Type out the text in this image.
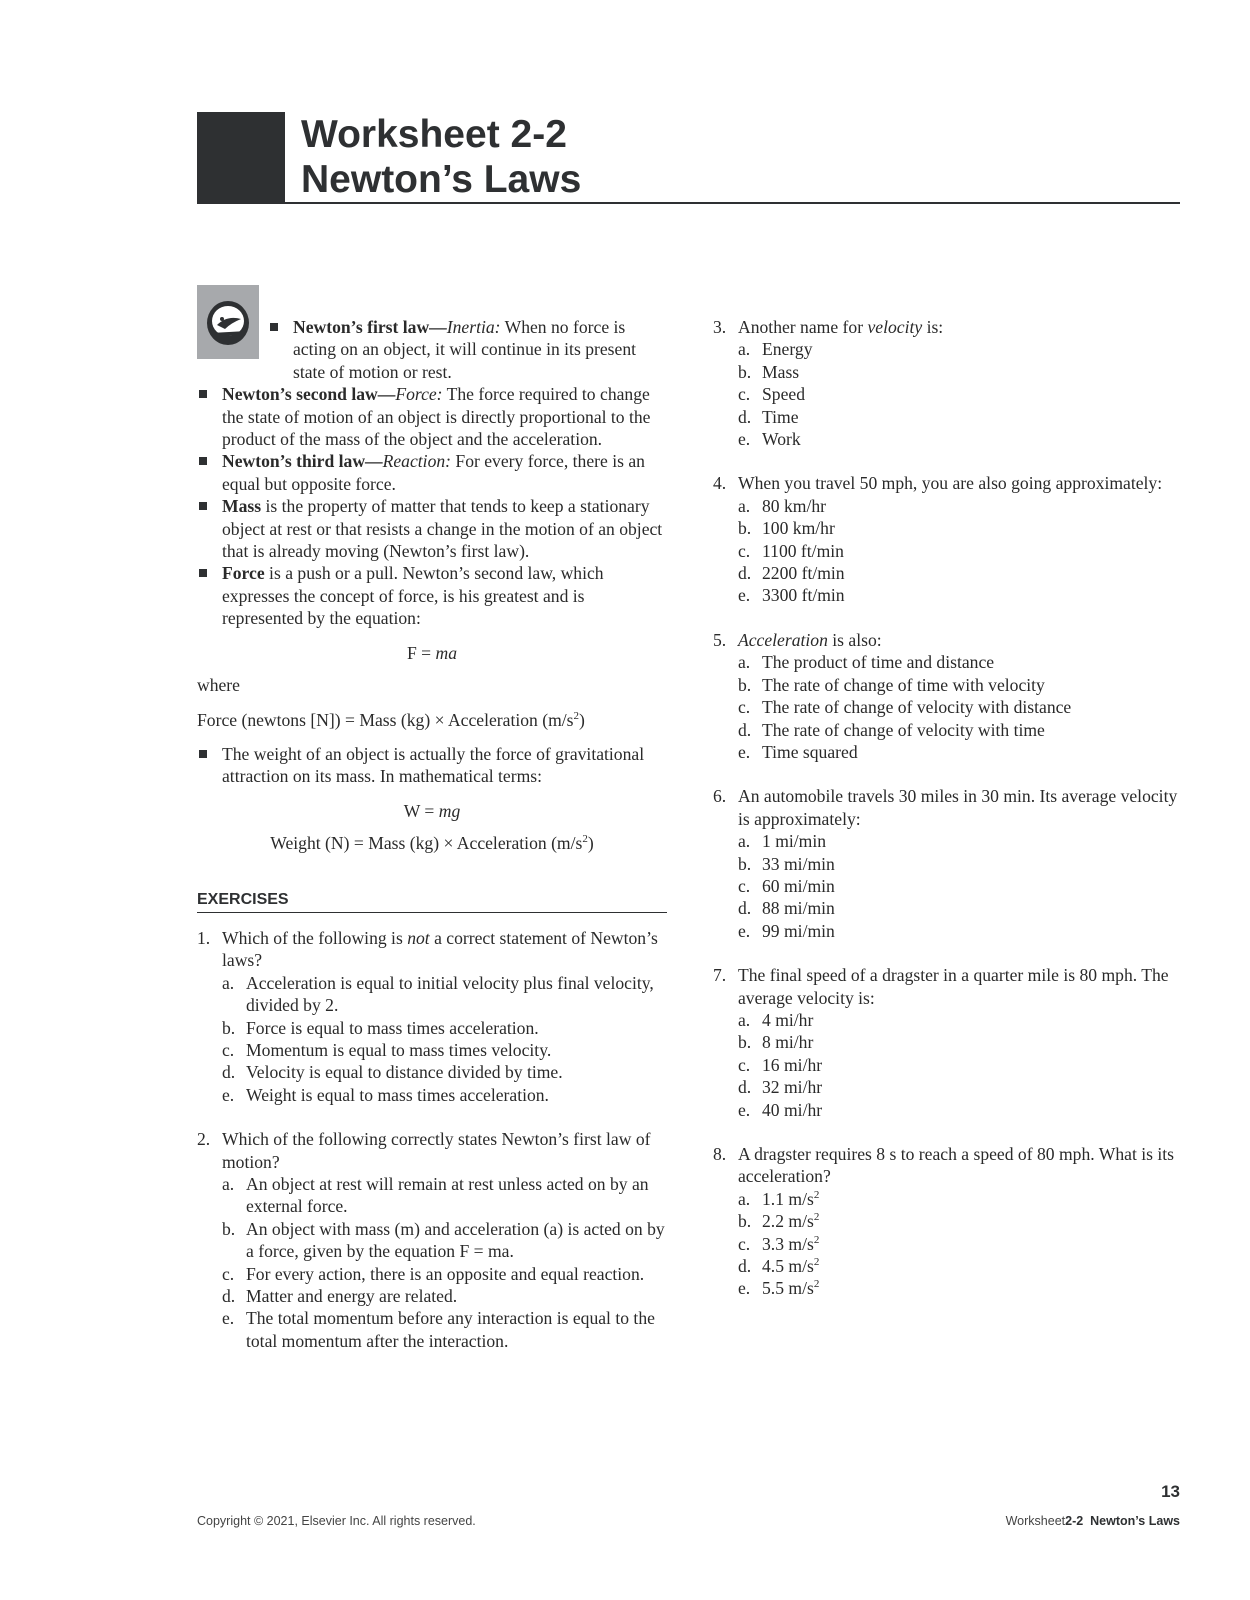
Worksheet 2-2
Newton’s Laws
Newton’s first law—Inertia: When no force is acting on an object, it will continue in its present state of motion or rest.
Newton’s second law—Force: The force required to change the state of motion of an object is directly proportional to the product of the mass of the object and the acceleration.
Newton’s third law—Reaction: For every force, there is an equal but opposite force.
Mass is the property of matter that tends to keep a stationary object at rest or that resists a change in the motion of an object that is already moving (Newton’s first law).
Force is a push or a pull. Newton’s second law, which expresses the concept of force, is his greatest and is represented by the equation:
F = ma
where
Force (newtons [N]) = Mass (kg) × Acceleration $(m/s^2)$
The weight of an object is actually the force of gravitational attraction on its mass. In mathematical terms:
W = mg
Weight (N) = Mass (kg) × Acceleration $(m/s^2)$
EXERCISES
1. Which of the following is not a correct statement of Newton’s laws?
a. Acceleration is equal to initial velocity plus final velocity, divided by 2.
b. Force is equal to mass times acceleration.
c. Momentum is equal to mass times velocity.
d. Velocity is equal to distance divided by time.
e. Weight is equal to mass times acceleration.
2. Which of the following correctly states Newton’s first law of motion?
a. An object at rest will remain at rest unless acted on by an external force.
b. An object with mass (m) and acceleration (a) is acted on by a force, given by the equation F = ma.
c. For every action, there is an opposite and equal reaction.
d. Matter and energy are related.
e. The total momentum before any interaction is equal to the total momentum after the interaction.
3. Another name for velocity is:
a. Energy
b. Mass
c. Speed
d. Time
e. Work
4. When you travel 50 mph, you are also going approximately:
a. 80 km/hr
b. 100 km/hr
c. 1100 ft/min
d. 2200 ft/min
e. 3300 ft/min
5. Acceleration is also:
a. The product of time and distance
b. The rate of change of time with velocity
c. The rate of change of velocity with distance
d. The rate of change of velocity with time
e. Time squared
6. An automobile travels 30 miles in 30 min. Its average velocity is approximately:
a. 1 mi/min
b. 33 mi/min
c. 60 mi/min
d. 88 mi/min
e. 99 mi/min
7. The final speed of a dragster in a quarter mile is 80 mph. The average velocity is:
a. 4 mi/hr
b. 8 mi/hr
c. 16 mi/hr
d. 32 mi/hr
e. 40 mi/hr
8. A dragster requires 8 s to reach a speed of 80 mph. What is its acceleration?
a. 1.1 $m/s^2$
b. 2.2 $m/s^2$
c. 3.3 $m/s^2$
d. 4.5 $m/s^2$
e. 5.5 $m/s^2$
13
Copyright © 2021, Elsevier Inc. All rights reserved.	Worksheet2-2 Newton’s Laws
